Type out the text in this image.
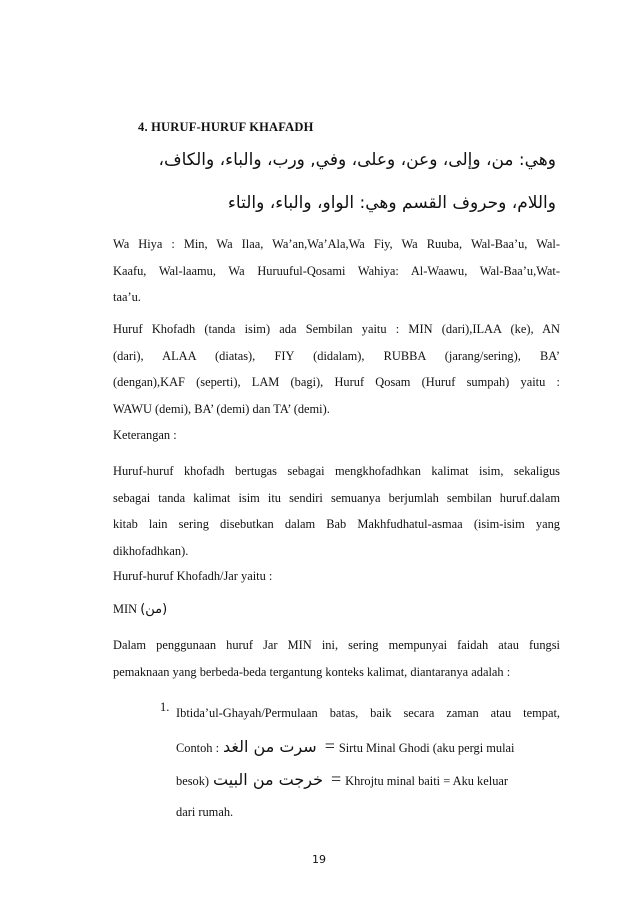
4. HURUF-HURUF KHAFADH
وهي: من، وإلى، وعن، وعلى، وفي, ورب، والباء، والكاف،
واللام، وحروف القسم وهي: الواو، والباء، والتاء
Wa Hiya : Min, Wa Ilaa, Wa’an,Wa’Ala,Wa Fiy, Wa Ruuba, Wal-Baa’u, Wal-
Kaafu, Wal-laamu, Wa Huruuful-Qosami Wahiya: Al-Waawu, Wal-Baa’u,Wat-
taa’u.
Huruf Khofadh (tanda isim) ada Sembilan yaitu : MIN (dari),ILAA (ke), AN
(dari), ALAA (diatas), FIY (didalam), RUBBA (jarang/sering), BA’
(dengan),KAF (seperti), LAM (bagi), Huruf Qosam (Huruf sumpah) yaitu :
WAWU (demi), BA’ (demi) dan TA’ (demi).
Keterangan :
Huruf-huruf khofadh bertugas sebagai mengkhofadhkan kalimat isim, sekaligus
sebagai tanda kalimat isim itu sendiri semuanya berjumlah sembilan huruf.dalam
kitab lain sering disebutkan dalam Bab Makhfudhatul-asmaa (isim-isim yang
dikhofadhkan).
Huruf-huruf Khofadh/Jar yaitu :
MIN (من)
Dalam penggunaan huruf Jar MIN ini, sering mempunyai faidah atau fungsi
pemaknaan yang berbeda-beda tergantung konteks kalimat, diantaranya adalah :
1. Ibtida’ul-Ghayah/Permulaan batas, baik secara zaman atau tempat,
Contoh : سرت من الغد = Sirtu Minal Ghodi (aku pergi mulai
besok) خرجت من البيت = Khrojtu minal baiti = Aku keluar
dari rumah.
19
